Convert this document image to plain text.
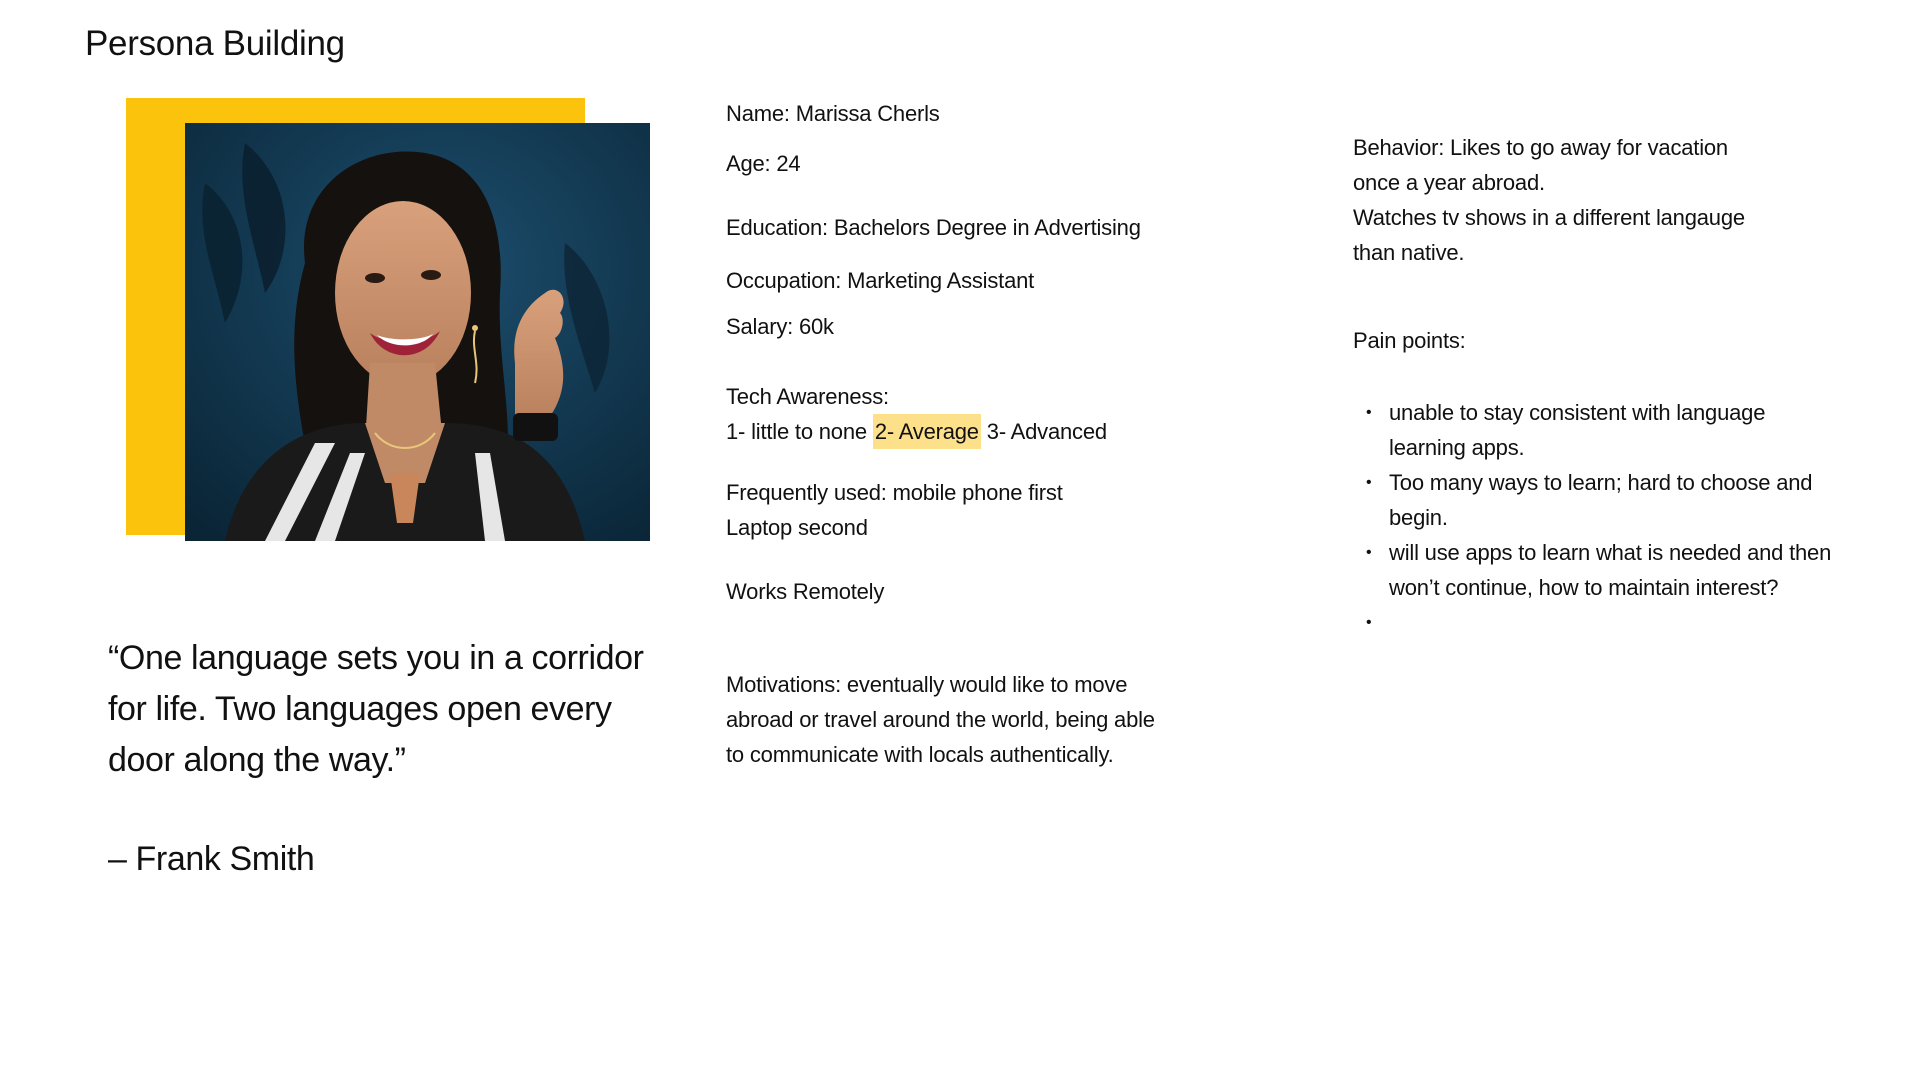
Persona Building
“One language sets you in a corridor
for life. Two languages open every
door along the way.”
– Frank Smith
Name: Marissa Cherls
Age: 24
Education: Bachelors Degree in Advertising
Occupation: Marketing Assistant
Salary: 60k
Tech Awareness:
1- little to none 2- Average 3- Advanced
Frequently used: mobile phone first
Laptop second
Works Remotely
Motivations: eventually would like to move abroad or travel around the world, being able to communicate with locals authentically.
Behavior: Likes to go away for vacation
once a year abroad.
Watches tv shows in a different langauge
than native.
Pain points:
• unable to stay consistent with language learning apps.
• Too many ways to learn; hard to choose and begin.
• will use apps to learn what is needed and then won’t continue, how to maintain interest?
•
